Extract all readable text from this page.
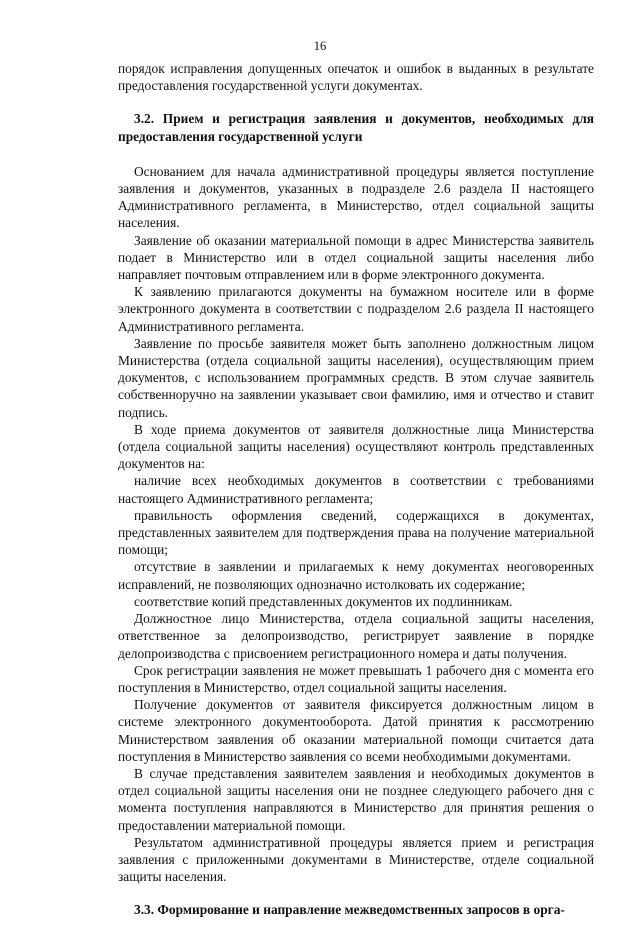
16

порядок исправления допущенных опечаток и ошибок в выданных в результате предоставления государственной услуги документах.

3.2. Прием и регистрация заявления и документов, необходимых для предоставления государственной услуги

Основанием для начала административной процедуры является поступление заявления и документов, указанных в подразделе 2.6 раздела II настоящего Административного регламента, в Министерство, отдел социальной защиты населения.

Заявление об оказании материальной помощи в адрес Министерства заявитель подает в Министерство или в отдел социальной защиты населения либо направляет почтовым отправлением или в форме электронного документа.

К заявлению прилагаются документы на бумажном носителе или в форме электронного документа в соответствии с подразделом 2.6 раздела II настоящего Административного регламента.

Заявление по просьбе заявителя может быть заполнено должностным лицом Министерства (отдела социальной защиты населения), осуществляющим прием документов, с использованием программных средств. В этом случае заявитель собственноручно на заявлении указывает свои фамилию, имя и отчество и ставит подпись.

В ходе приема документов от заявителя должностные лица Министерства (отдела социальной защиты населения) осуществляют контроль представленных документов на:

наличие всех необходимых документов в соответствии с требованиями настоящего Административного регламента;

правильность оформления сведений, содержащихся в документах, представленных заявителем для подтверждения права на получение материальной помощи;

отсутствие в заявлении и прилагаемых к нему документах неоговоренных исправлений, не позволяющих однозначно истолковать их содержание;

соответствие копий представленных документов их подлинникам.

Должностное лицо Министерства, отдела социальной защиты населения, ответственное за делопроизводство, регистрирует заявление в порядке делопроизводства с присвоением регистрационного номера и даты получения.

Срок регистрации заявления не может превышать 1 рабочего дня с момента его поступления в Министерство, отдел социальной защиты населения.

Получение документов от заявителя фиксируется должностным лицом в системе электронного документооборота. Датой принятия к рассмотрению Министерством заявления об оказании материальной помощи считается дата поступления в Министерство заявления со всеми необходимыми документами.

В случае представления заявителем заявления и необходимых документов в отдел социальной защиты населения они не позднее следующего рабочего дня с момента поступления направляются в Министерство для принятия решения о предоставлении материальной помощи.

Результатом административной процедуры является прием и регистрация заявления с приложенными документами в Министерстве, отделе социальной защиты населения.

3.3. Формирование и направление межведомственных запросов в орга-
